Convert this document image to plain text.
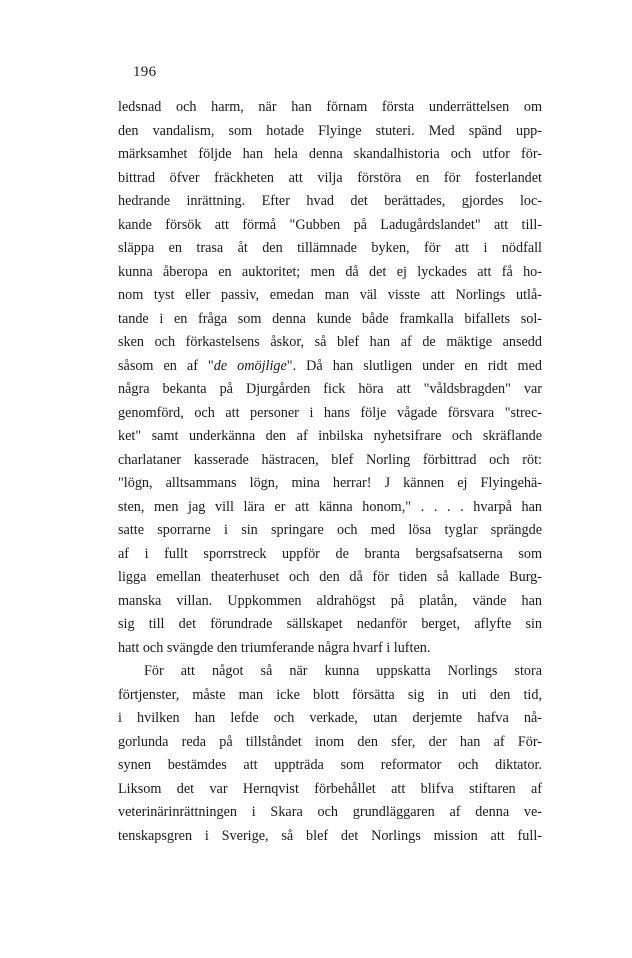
196
ledsnad och harm, när han förnam första underrättelsen om
den vandalism, som hotade Flyinge stuteri. Med spänd upp-
märksamhet följde han hela denna skandalhistoria och utfor för-
bittrad öfver fräckheten att vilja förstöra en för fosterlandet
hedrande inrättning. Efter hvad det berättades, gjordes loc-
kande försök att förmå "Gubben på Ladugårdslandet" att till-
släppa en trasa åt den tillämnade byken, för att i nödfall
kunna åberopa en auktoritet; men då det ej lyckades att få ho-
nom tyst eller passiv, emedan man väl visste att Norlings utlå-
tande i en fråga som denna kunde både framkalla bifallets sol-
sken och förkastelsens åskor, så blef han af de mäktige ansedd
såsom en af "de omöjlige". Då han slutligen under en ridt med
några bekanta på Djurgården fick höra att "våldsbragden" var
genomförd, och att personer i hans följe vågade försvara "strec-
ket" samt underkänna den af inbilska nyhetsifrare och skräflande
charlataner kasserade hästracen, blef Norling förbittrad och röt:
"lögn, alltsammans lögn, mina herrar! J kännen ej Flyingehä-
sten, men jag vill lära er att känna honom," . . . . hvarpå han
satte sporrarne i sin springare och med lösa tyglar sprängde
af i fullt sporrstreck uppför de branta bergsafsatserna som
ligga emellan theaterhuset och den då för tiden så kallade Burg-
manska villan. Uppkommen aldrahögst på platån, vände han
sig till det förundrade sällskapet nedanför berget, aflyfte sin
hatt och svängde den triumferande några hvarf i luften.
För att något så när kunna uppskatta Norlings stora
förtjenster, måste man icke blott försätta sig in uti den tid,
i hvilken han lefde och verkade, utan derjemte hafva nå-
gorlunda reda på tillståndet inom den sfer, der han af För-
synen bestämdes att uppträda som reformator och diktator.
Liksom det var Hernqvist förbehållet att blifva stiftaren af
veterinärinrättningen i Skara och grundläggaren af denna ve-
tenskapsgren i Sverige, så blef det Norlings mission att full-
